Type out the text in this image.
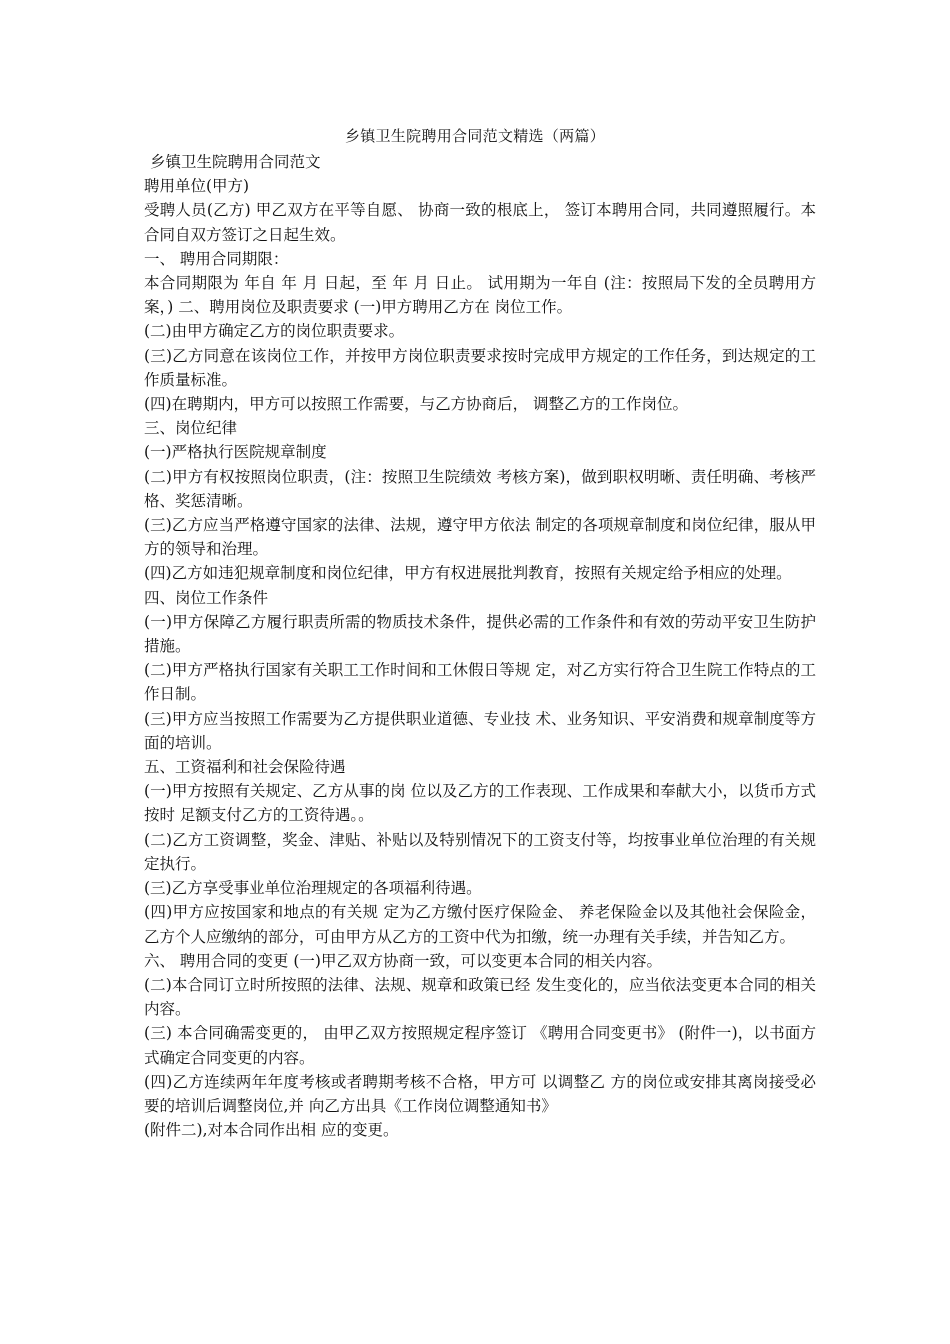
乡镇卫生院聘用合同范文精选（两篇）

乡镇卫生院聘用合同范文

聘用单位(甲方)

受聘人员(乙方) 甲乙双方在平等自愿、 协商一致的根底上， 签订本聘用合同，共同遵照履行。本合同自双方签订之日起生效。

一、 聘用合同期限：

本合同期限为 年自 年 月 日起，至 年 月 日止。 试用期为一年自 (注：按照局下发的全员聘用方案，) 二、聘用岗位及职责要求 (一)甲方聘用乙方在 岗位工作。

(二)由甲方确定乙方的岗位职责要求。

(三)乙方同意在该岗位工作，并按甲方岗位职责要求按时完成甲方规定的工作任务，到达规定的工作质量标准。

(四)在聘期内，甲方可以按照工作需要，与乙方协商后， 调整乙方的工作岗位。

三、岗位纪律

(一)严格执行医院规章制度

(二)甲方有权按照岗位职责，(注：按照卫生院绩效 考核方案)，做到职权明晰、责任明确、考核严格、奖惩清晰。

(三)乙方应当严格遵守国家的法律、法规，遵守甲方依法 制定的各项规章制度和岗位纪律，服从甲方的领导和治理。

(四)乙方如违犯规章制度和岗位纪律，甲方有权进展批判教育，按照有关规定给予相应的处理。

四、岗位工作条件

(一)甲方保障乙方履行职责所需的物质技术条件，提供必需的工作条件和有效的劳动平安卫生防护措施。

(二)甲方严格执行国家有关职工工作时间和工休假日等规 定，对乙方实行符合卫生院工作特点的工作日制。

(三)甲方应当按照工作需要为乙方提供职业道德、专业技 术、业务知识、平安消费和规章制度等方面的培训。

五、工资福利和社会保险待遇

(一)甲方按照有关规定、乙方从事的岗 位以及乙方的工作表现、工作成果和奉献大小，以货币方式按时 足额支付乙方的工资待遇。。

(二)乙方工资调整，奖金、津贴、补贴以及特别情况下的工资支付等，均按事业单位治理的有关规定执行。

(三)乙方享受事业单位治理规定的各项福利待遇。

(四)甲方应按国家和地点的有关规 定为乙方缴付医疗保险金、 养老保险金以及其他社会保险金，乙方个人应缴纳的部分，可由甲方从乙方的工资中代为扣缴，统一办理有关手续，并告知乙方。

六、 聘用合同的变更 (一)甲乙双方协商一致，可以变更本合同的相关内容。

(二)本合同订立时所按照的法律、法规、规章和政策已经 发生变化的，应当依法变更本合同的相关内容。

(三) 本合同确需变更的， 由甲乙双方按照规定程序签订 《聘用合同变更书》 (附件一)，以书面方式确定合同变更的内容。

(四)乙方连续两年年度考核或者聘期考核不合格，甲方可 以调整乙 方的岗位或安排其离岗接受必要的培训后调整岗位,并 向乙方出具《工作岗位调整通知书》

(附件二),对本合同作出相 应的变更。
